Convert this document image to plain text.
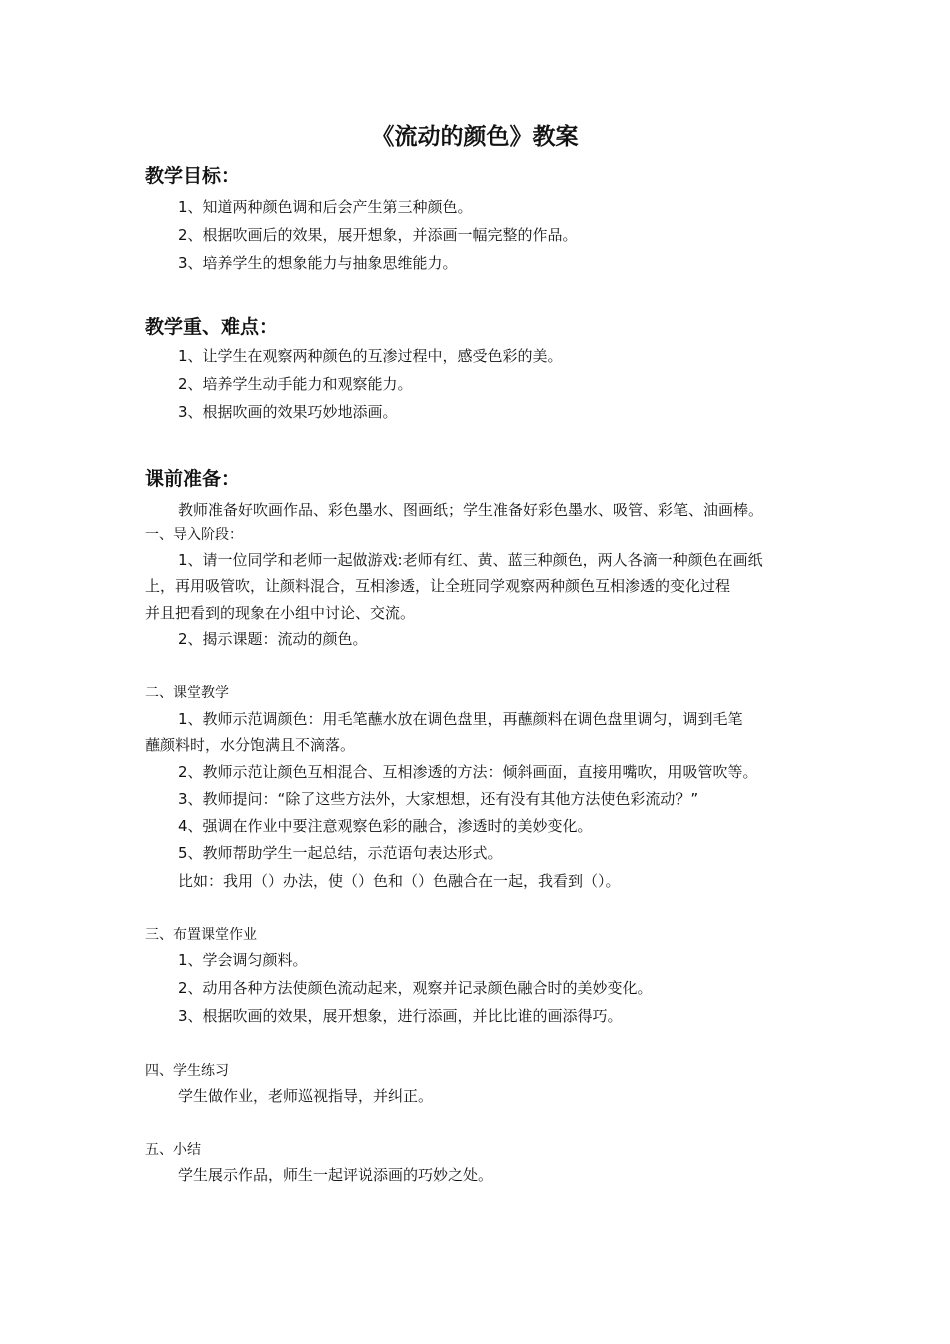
《流动的颜色》教案
教学目标：
1、知道两种颜色调和后会产生第三种颜色。
2、根据吹画后的效果，展开想象，并添画一幅完整的作品。
3、培养学生的想象能力与抽象思维能力。
教学重、难点：
1、让学生在观察两种颜色的互渗过程中，感受色彩的美。
2、培养学生动手能力和观察能力。
3、根据吹画的效果巧妙地添画。
课前准备：
教师准备好吹画作品、彩色墨水、图画纸；学生准备好彩色墨水、吸管、彩笔、油画棒。
一、导入阶段：
1、请一位同学和老师一起做游戏:老师有红、黄、蓝三种颜色，两人各滴一种颜色在画纸
上，再用吸管吹，让颜料混合，互相渗透，让全班同学观察两种颜色互相渗透的变化过程
并且把看到的现象在小组中讨论、交流。
2、揭示课题：流动的颜色。
二、课堂教学
1、教师示范调颜色：用毛笔蘸水放在调色盘里，再蘸颜料在调色盘里调匀，调到毛笔
蘸颜料时，水分饱满且不滴落。
2、教师示范让颜色互相混合、互相渗透的方法：倾斜画面，直接用嘴吹，用吸管吹等。
3、教师提问：“除了这些方法外，大家想想，还有没有其他方法使色彩流动？”
4、强调在作业中要注意观察色彩的融合，渗透时的美妙变化。
5、教师帮助学生一起总结，示范语句表达形式。
比如：我用（）办法，使（）色和（）色融合在一起，我看到（）。
三、布置课堂作业
1、学会调匀颜料。
2、动用各种方法使颜色流动起来，观察并记录颜色融合时的美妙变化。
3、根据吹画的效果，展开想象，进行添画，并比比谁的画添得巧。
四、学生练习
学生做作业，老师巡视指导，并纠正。
五、小结
学生展示作品，师生一起评说添画的巧妙之处。
